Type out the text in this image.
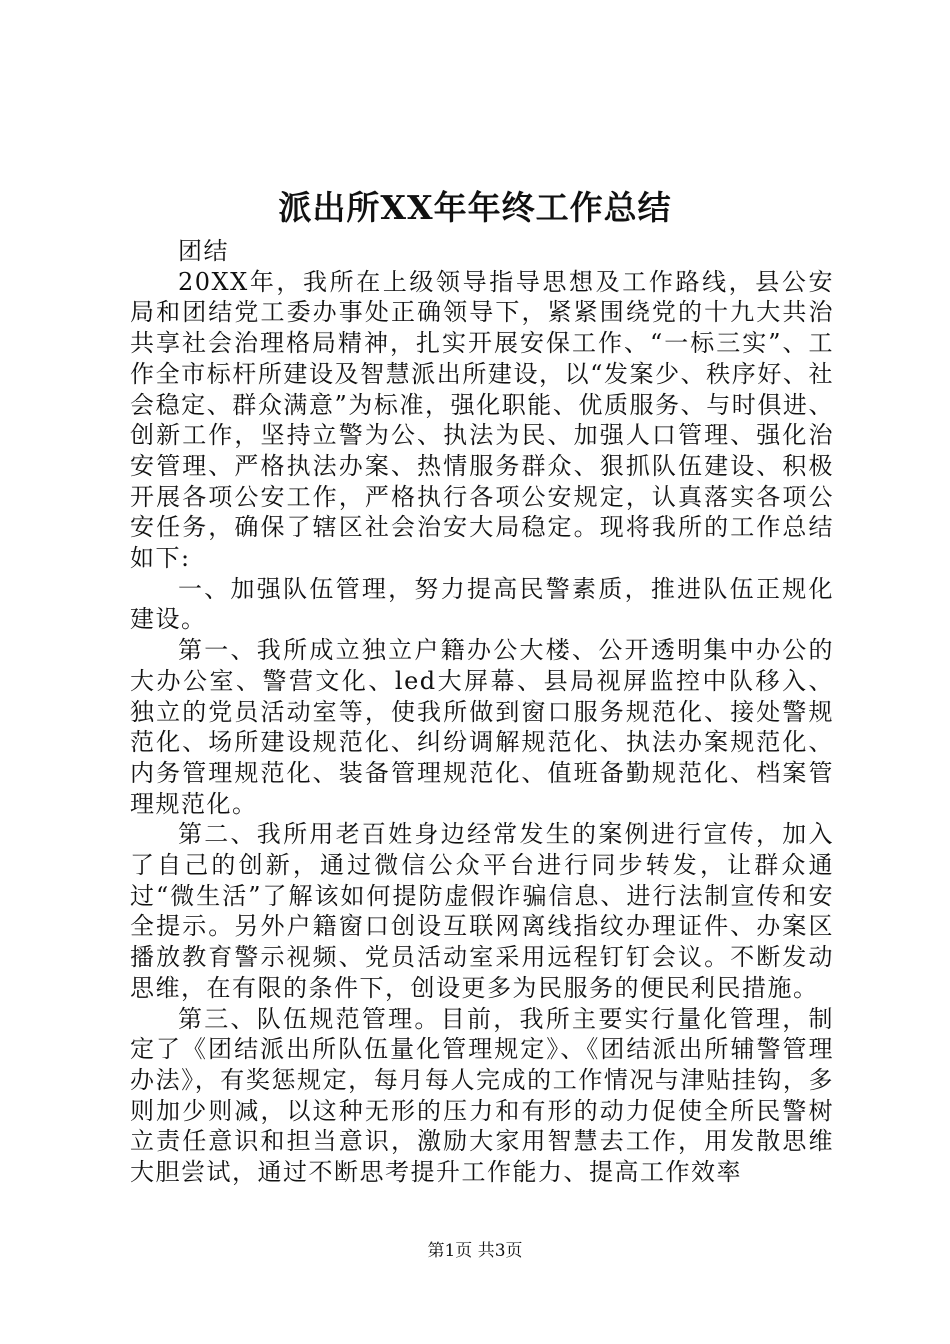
派出所XX年年终工作总结

团结

20XX年，我所在上级领导指导思想及工作路线，县公安局和团结党工委办事处正确领导下，紧紧围绕党的十九大共治共享社会治理格局精神，扎实开展安保工作、“一标三实”、工作全市标杆所建设及智慧派出所建设，以“发案少、秩序好、社会稳定、群众满意”为标准，强化职能、优质服务、与时俱进、创新工作，坚持立警为公、执法为民、加强人口管理、强化治安管理、严格执法办案、热情服务群众、狠抓队伍建设、积极开展各项公安工作，严格执行各项公安规定，认真落实各项公安任务，确保了辖区社会治安大局稳定。现将我所的工作总结如下:

一、加强队伍管理，努力提高民警素质，推进队伍正规化建设。

第一、我所成立独立户籍办公大楼、公开透明集中办公的大办公室、警营文化、led大屏幕、县局视屏监控中队移入、独立的党员活动室等，使我所做到窗口服务规范化、接处警规范化、场所建设规范化、纠纷调解规范化、执法办案规范化、内务管理规范化、装备管理规范化、值班备勤规范化、档案管理规范化。

第二、我所用老百姓身边经常发生的案例进行宣传，加入了自己的创新，通过微信公众平台进行同步转发，让群众通过“微生活”了解该如何提防虚假诈骗信息、进行法制宣传和安全提示。另外户籍窗口创设互联网离线指纹办理证件、办案区播放教育警示视频、党员活动室采用远程钉钉会议。不断发动思维，在有限的条件下，创设更多为民服务的便民利民措施。

第三、队伍规范管理。目前，我所主要实行量化管理，制定了《团结派出所队伍量化管理规定》、《团结派出所辅警管理办法》，有奖惩规定，每月每人完成的工作情况与津贴挂钩，多则加少则减，以这种无形的压力和有形的动力促使全所民警树立责任意识和担当意识，激励大家用智慧去工作，用发散思维大胆尝试，通过不断思考提升工作能力、提高工作效率

第1页 共3页
